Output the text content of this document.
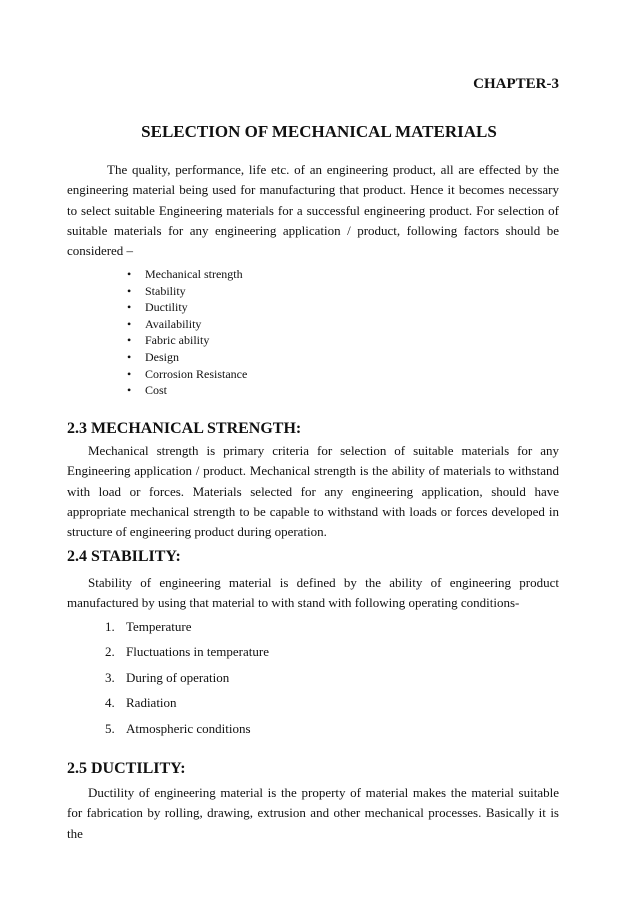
CHAPTER-3
SELECTION OF MECHANICAL MATERIALS

The quality, performance, life etc. of an engineering product, all are effected by the engineering material being used for manufacturing that product. Hence it becomes necessary to select suitable Engineering materials for a successful engineering product. For selection of suitable materials for any engineering application / product, following factors should be considered –

• Mechanical strength
• Stability
• Ductility
• Availability
• Fabric ability
• Design
• Corrosion Resistance
• Cost
2.3 MECHANICAL STRENGTH:

Mechanical strength is primary criteria for selection of suitable materials for any Engineering application / product. Mechanical strength is the ability of materials to withstand with load or forces. Materials selected for any engineering application, should have appropriate mechanical strength to be capable to withstand with loads or forces developed in structure of engineering product during operation.

2.4 STABILITY:

Stability of engineering material is defined by the ability of engineering product manufactured by using that material to with stand with following operating conditions-

1. Temperature
2. Fluctuations in temperature
3. During of operation
4. Radiation
5. Atmospheric conditions
2.5 DUCTILITY:

Ductility of engineering material is the property of material makes the material suitable for fabrication by rolling, drawing, extrusion and other mechanical processes. Basically it is the
